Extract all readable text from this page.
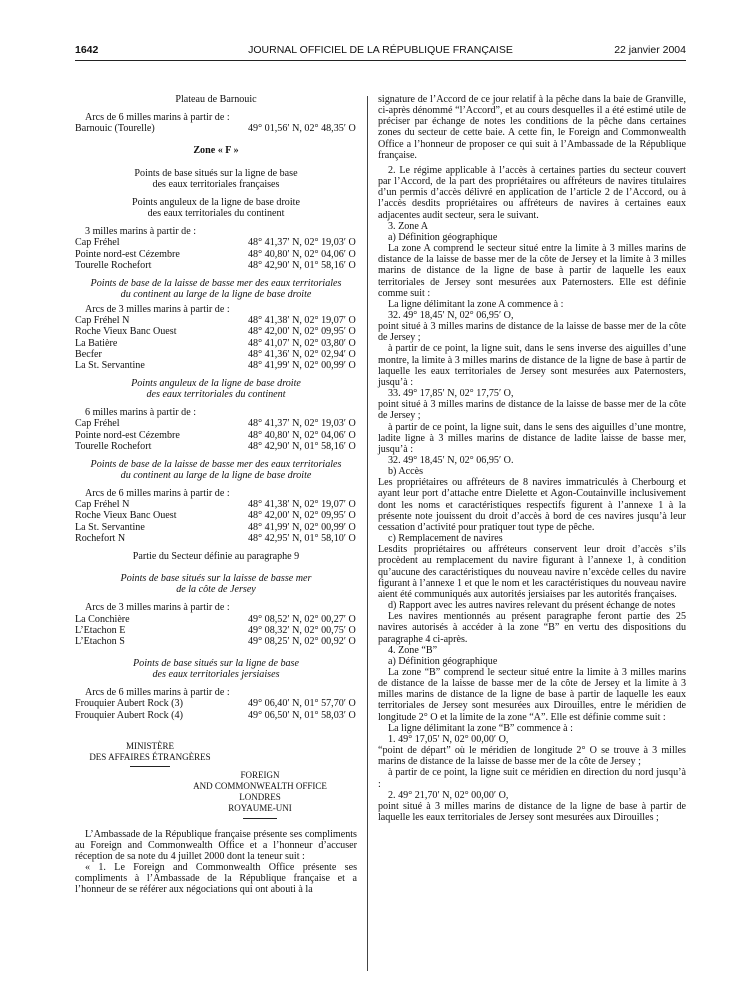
1642	JOURNAL OFFICIEL DE LA RÉPUBLIQUE FRANÇAISE	22 janvier 2004

Plateau de Barnouic

Arcs de 6 milles marins à partir de :

Barnouic (Tourelle)	49° 01,56′ N, 02° 48,35′ O

Zone « F »

Points de base situés sur la ligne de base

des eaux territoriales françaises

Points anguleux de la ligne de base droite

des eaux territoriales du continent

3 milles marins à partir de :

Cap Fréhel	48° 41,37′ N, 02° 19,03′ O
Pointe nord-est Cézembre	48° 40,80′ N, 02° 04,06′ O
Tourelle Rochefort	48° 42,90′ N, 01° 58,16′ O

Points de base de la laisse de basse mer des eaux territoriales

du continent au large de la ligne de base droite

Arcs de 3 milles marins à partir de :

Cap Fréhel N	48° 41,38′ N, 02° 19,07′ O
Roche Vieux Banc Ouest	48° 42,00′ N, 02° 09,95′ O
La Batière	48° 41,07′ N, 02° 03,80′ O
Becfer	48° 41,36′ N, 02° 02,94′ O
La St. Servantine	48° 41,99′ N, 02° 00,99′ O

Points anguleux de la ligne de base droite

des eaux territoriales du continent

6 milles marins à partir de :

Cap Fréhel	48° 41,37′ N, 02° 19,03′ O
Pointe nord-est Cézembre	48° 40,80′ N, 02° 04,06′ O
Tourelle Rochefort	48° 42,90′ N, 01° 58,16′ O

Points de base de la laisse de basse mer des eaux territoriales

du continent au large de la ligne de base droite

Arcs de 6 milles marins à partir de :

Cap Fréhel N	48° 41,38′ N, 02° 19,07′ O
Roche Vieux Banc Ouest	48° 42,00′ N, 02° 09,95′ O
La St. Servantine	48° 41,99′ N, 02° 00,99′ O
Rochefort N	48° 42,95′ N, 01° 58,10′ O

Partie du Secteur définie au paragraphe 9

Points de base situés sur la laisse de basse mer

de la côte de Jersey

Arcs de 3 milles marins à partir de :

La Conchière	49° 08,52′ N, 02° 00,27′ O
L’Etachon E	49° 08,32′ N, 02° 00,75′ O
L’Etachon S	49° 08,25′ N, 02° 00,92′ O

Points de base situés sur la ligne de base

des eaux territoriales jersiaises

Arcs de 6 milles marins à partir de :

Frouquier Aubert Rock (3)	49° 06,40′ N, 01° 57,70′ O
Frouquier Aubert Rock (4)	49° 06,50′ N, 01° 58,03′ O

MINISTÈRE

DES AFFAIRES ÉTRANGÈRES

FOREIGN

AND COMMONWEALTH OFFICE

LONDRES

ROYAUME-UNI

L’Ambassade de la République française présente ses compliments au Foreign and Commonwealth Office et a l’honneur d’accuser réception de sa note du 4 juillet 2000 dont la teneur suit :

« 1. Le Foreign and Commonwealth Office présente ses compliments à l’Ambassade de la République française et a l’honneur de se référer aux négociations qui ont abouti à la

signature de l’Accord de ce jour relatif à la pêche dans la baie de Granville, ci-après dénommé “l’Accord”, et au cours desquelles il a été estimé utile de préciser par échange de notes les conditions de la pêche dans certaines zones du secteur de cette baie. A cette fin, le Foreign and Commonwealth Office a l’honneur de proposer ce qui suit à l’Ambassade de la République française.

2. Le régime applicable à l’accès à certaines parties du secteur couvert par l’Accord, de la part des propriétaires ou affréteurs de navires titulaires d’un permis d’accès délivré en application de l’article 2 de l’Accord, ou à l’accès desdits propriétaires ou affréteurs de navires à certaines eaux adjacentes audit secteur, sera le suivant.

3. Zone A

a) Définition géographique

La zone A comprend le secteur situé entre la limite à 3 milles marins de distance de la laisse de basse mer de la côte de Jersey et la limite à 3 milles marins de distance de la ligne de base à partir de laquelle les eaux territoriales de Jersey sont mesurées aux Paternosters. Elle est définie comme suit :

La ligne délimitant la zone A commence à :

32. 49° 18,45′ N, 02° 06,95′ O,

point situé à 3 milles marins de distance de la laisse de basse mer de la côte de Jersey ;

à partir de ce point, la ligne suit, dans le sens inverse des aiguilles d’une montre, la limite à 3 milles marins de distance de la ligne de base à partir de laquelle les eaux territoriales de Jersey sont mesurées aux Paternosters, jusqu’à :

33. 49° 17,85′ N, 02° 17,75′ O,

point situé à 3 milles marins de distance de la laisse de basse mer de la côte de Jersey ;

à partir de ce point, la ligne suit, dans le sens des aiguilles d’une montre, ladite ligne à 3 milles marins de distance de ladite laisse de basse mer, jusqu’à :

32. 49° 18,45′ N, 02° 06,95′ O.

b) Accès

Les propriétaires ou affréteurs de 8 navires immatriculés à Cherbourg et ayant leur port d’attache entre Dielette et Agon-Coutainville inclusivement dont les noms et caractéristiques respectifs figurent à l’annexe 1 à la présente note jouissent du droit d’accès à bord de ces navires jusqu’à leur cessation d’activité pour pratiquer tout type de pêche.

c) Remplacement de navires

Lesdits propriétaires ou affréteurs conservent leur droit d’accès s’ils procèdent au remplacement du navire figurant à l’annexe 1, à condition qu’aucune des caractéristiques du nouveau navire n’excède celles du navire figurant à l’annexe 1 et que le nom et les caractéristiques du nouveau navire aient été communiqués aux autorités jersiaises par les autorités françaises.

d) Rapport avec les autres navires relevant du présent échange de notes

Les navires mentionnés au présent paragraphe feront partie des 25 navires autorisés à accéder à la zone “B” en vertu des dispositions du paragraphe 4 ci-après.

4. Zone “B”

a) Définition géographique

La zone “B” comprend le secteur situé entre la limite à 3 milles marins de distance de la laisse de basse mer de la côte de Jersey et la limite à 3 milles marins de distance de la ligne de base à partir de laquelle les eaux territoriales de Jersey sont mesurées aux Dirouilles, entre le méridien de longitude 2° O et la limite de la zone “A”. Elle est définie comme suit :

La ligne délimitant la zone “B” commence à :

1. 49° 17,05′ N, 02° 00,00′ O,

“point de départ” où le méridien de longitude 2° O se trouve à 3 milles marins de distance de la laisse de basse mer de la côte de Jersey ;

à partir de ce point, la ligne suit ce méridien en direction du nord jusqu’à :

2. 49° 21,70′ N, 02° 00,00′ O,

point situé à 3 milles marins de distance de la ligne de base à partir de laquelle les eaux territoriales de Jersey sont mesurées aux Dirouilles ;
